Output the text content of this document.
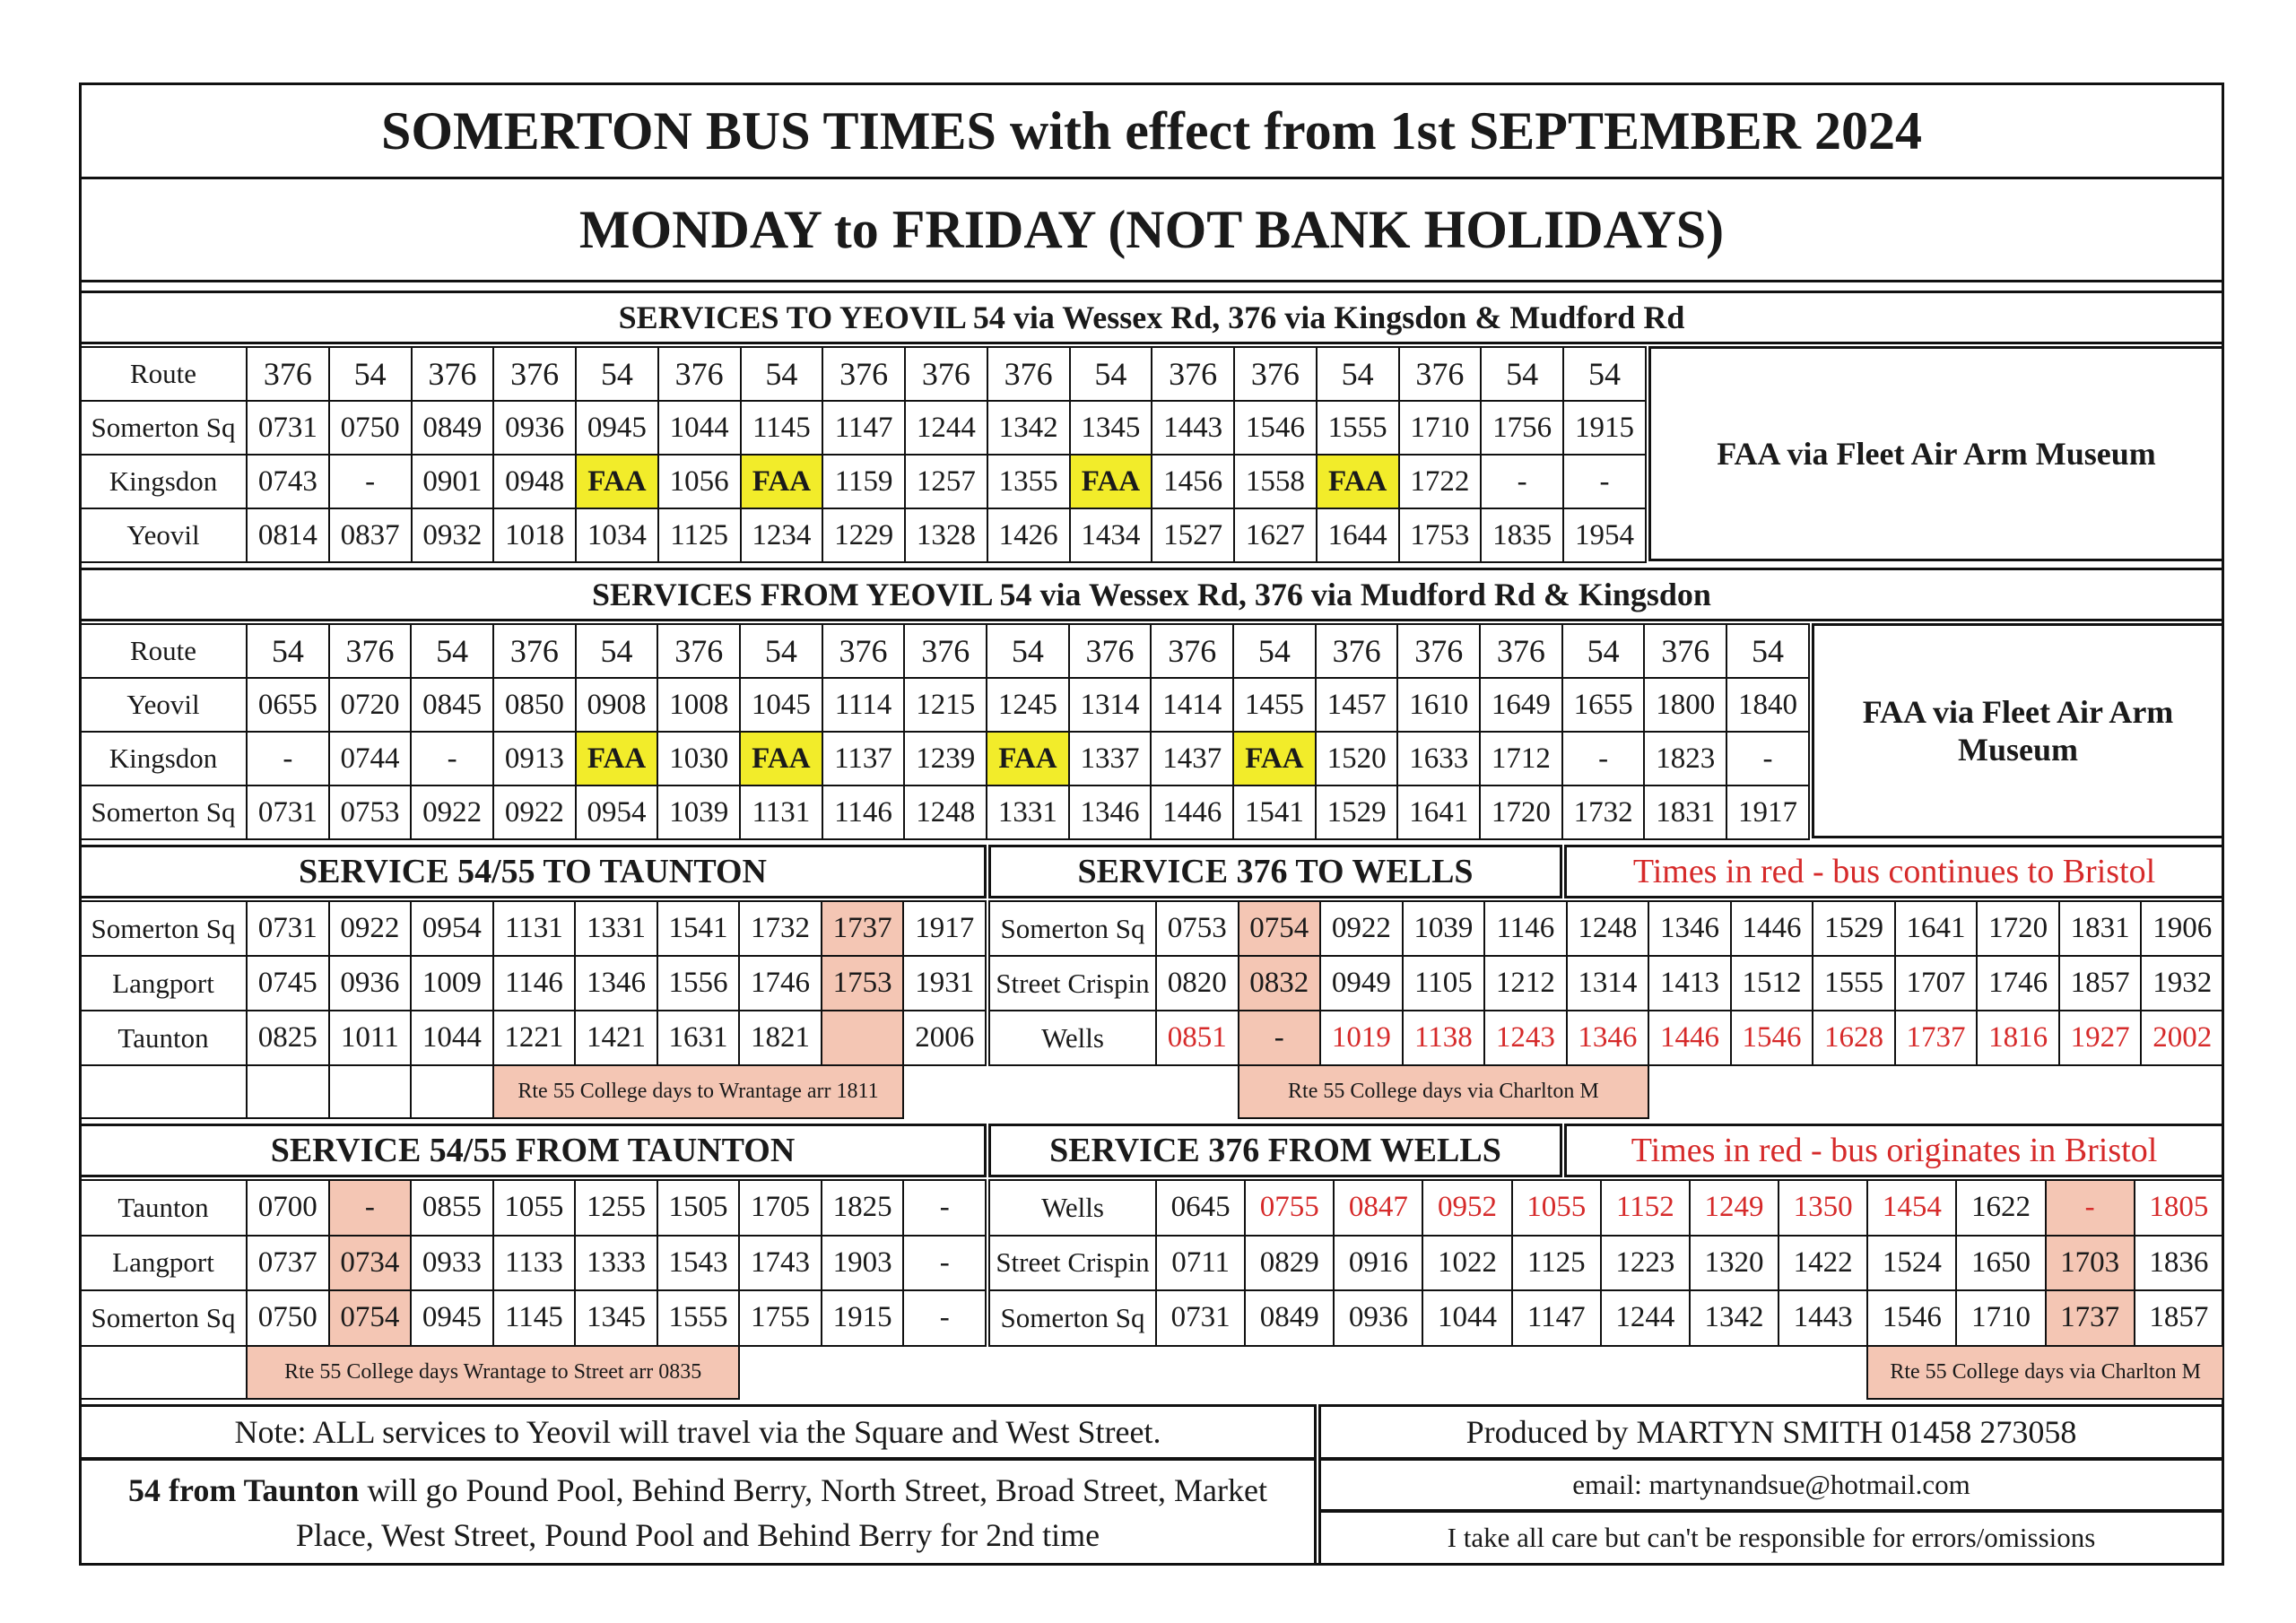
SOMERTON BUS TIMES with effect from 1st SEPTEMBER 2024
MONDAY to FRIDAY (NOT BANK HOLIDAYS)
SERVICES TO YEOVIL 54 via Wessex Rd, 376 via Kingsdon & Mudford Rd
Route	376	54	376	376	54	376	54	376	376	376	54	376	376	54	376	54	54
Somerton Sq	0731	0750	0849	0936	0945	1044	1145	1147	1244	1342	1345	1443	1546	1555	1710	1756	1915
Kingsdon	0743	-	0901	0948	FAA	1056	FAA	1159	1257	1355	FAA	1456	1558	FAA	1722	-	-
Yeovil	0814	0837	0932	1018	1034	1125	1234	1229	1328	1426	1434	1527	1627	1644	1753	1835	1954
FAA via Fleet Air Arm Museum
SERVICES FROM YEOVIL 54 via Wessex Rd, 376 via Mudford Rd & Kingsdon
Route	54	376	54	376	54	376	54	376	376	54	376	376	54	376	376	376	54	376	54
Yeovil	0655	0720	0845	0850	0908	1008	1045	1114	1215	1245	1314	1414	1455	1457	1610	1649	1655	1800	1840
Kingsdon	-	0744	-	0913	FAA	1030	FAA	1137	1239	FAA	1337	1437	FAA	1520	1633	1712	-	1823	-
Somerton Sq	0731	0753	0922	0922	0954	1039	1131	1146	1248	1331	1346	1446	1541	1529	1641	1720	1732	1831	1917
FAA via Fleet Air Arm Museum
SERVICE 54/55 TO TAUNTON
Somerton Sq	0731	0922	0954	1131	1331	1541	1732	1737	1917
Langport	0745	0936	1009	1146	1346	1556	1746	1753	1931
Taunton	0825	1011	1044	1221	1421	1631	1821		2006
				Rte 55 College days to Wrantage arr 1811					
SERVICE 376 TO WELLS	Times in red - bus continues to Bristol
Somerton Sq	0753	0754	0922	1039	1146	1248	1346	1446	1529	1641	1720	1831	1906
Street Crispin	0820	0832	0949	1105	1212	1314	1413	1512	1555	1707	1746	1857	1932
Wells	0851	-	1019	1138	1243	1346	1446	1546	1628	1737	1816	1927	2002
		Rte 55 College days via Charlton M											
SERVICE 54/55 FROM TAUNTON
Taunton	0700	-	0855	1055	1255	1505	1705	1825	-
Langport	0737	0734	0933	1133	1333	1543	1743	1903	-
Somerton Sq	0750	0754	0945	1145	1345	1555	1755	1915	-
	Rte 55 College days Wrantage to Street arr 0835								
SERVICE 376 FROM WELLS	Times in red - bus originates in Bristol
Wells	0645	0755	0847	0952	1055	1152	1249	1350	1454	1622	-	1805
Street Crispin	0711	0829	0916	1022	1125	1223	1320	1422	1524	1650	1703	1836
Somerton Sq	0731	0849	0936	1044	1147	1244	1342	1443	1546	1710	1737	1857
									Rte 55 College days via Charlton M			
Note: ALL services to Yeovil will travel via the Square and West Street.
54 from Taunton will go Pound Pool, Behind Berry, North Street, Broad Street, Market Place, West Street, Pound Pool and Behind Berry for 2nd time
Produced by MARTYN SMITH 01458 273058
email: martynandsue@hotmail.com
I take all care but can't be responsible for errors/omissions
